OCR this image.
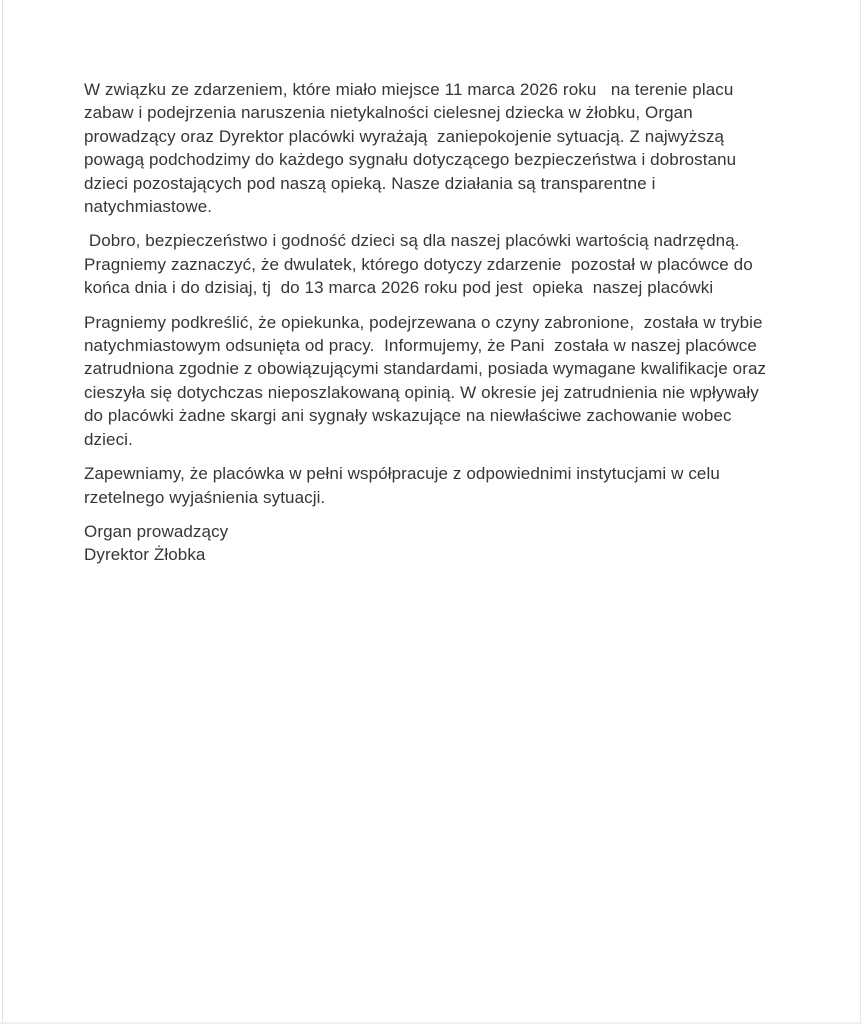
W związku ze zdarzeniem, które miało miejsce 11 marca 2026 roku   na terenie placu zabaw i podejrzenia naruszenia nietykalności cielesnej dziecka w żłobku, Organ prowadzący oraz Dyrektor placówki wyrażają  zaniepokojenie sytuacją. Z najwyższą powagą podchodzimy do każdego sygnału dotyczącego bezpieczeństwa i dobrostanu dzieci pozostających pod naszą opieką. Nasze działania są transparentne i natychmiastowe.

Dobro, bezpieczeństwo i godność dzieci są dla naszej placówki wartością nadrzędną. Pragniemy zaznaczyć, że dwulatek, którego dotyczy zdarzenie  pozostał w placówce do końca dnia i do dzisiaj, tj  do 13 marca 2026 roku pod jest  opieka  naszej placówki

Pragniemy podkreślić, że opiekunka, podejrzewana o czyny zabronione,  została w trybie natychmiastowym odsunięta od pracy.  Informujemy, że Pani  została w naszej placówce zatrudniona zgodnie z obowiązującymi standardami, posiada wymagane kwalifikacje oraz cieszyła się dotychczas nieposzlakowaną opinią. W okresie jej zatrudnienia nie wpływały do placówki żadne skargi ani sygnały wskazujące na niewłaściwe zachowanie wobec dzieci.

Zapewniamy, że placówka w pełni współpracuje z odpowiednimi instytucjami w celu rzetelnego wyjaśnienia sytuacji.

Organ prowadzący
Dyrektor Żłobka
